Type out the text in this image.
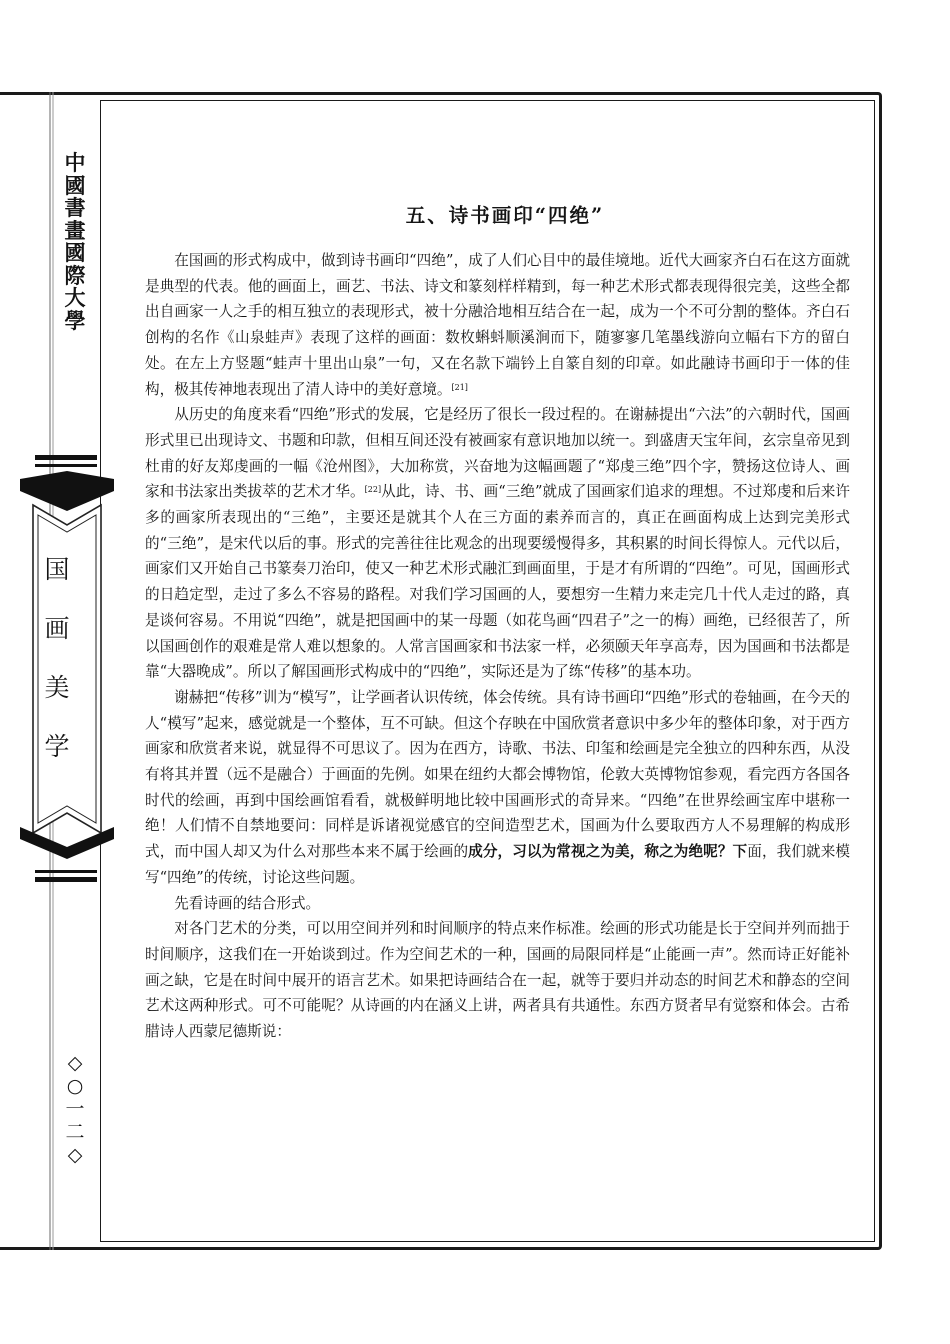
中
國
書
畫
國
際
大
學
国
画
美
学
◇
○
一
二
◇
五、诗书画印“四绝”

在国画的形式构成中，做到诗书画印“四绝”，成了人们心目中的最佳境地。近代大画家齐白石在这方面就是典型的代表。他的画面上，画艺、书法、诗文和篆刻样样精到，每一种艺术形式都表现得很完美，这些全都出自画家一人之手的相互独立的表现形式，被十分融洽地相互结合在一起，成为一个不可分割的整体。齐白石创构的名作《山泉蛙声》表现了这样的画面：数枚蝌蚪顺溪涧而下，随寥寥几笔墨线游向立幅右下方的留白处。在左上方竖题“蛙声十里出山泉”一句，又在名款下端钤上自篆自刻的印章。如此融诗书画印于一体的佳构，极其传神地表现出了清人诗中的美好意境。[21]

从历史的角度来看“四绝”形式的发展，它是经历了很长一段过程的。在谢赫提出“六法”的六朝时代，国画形式里已出现诗文、书题和印款，但相互间还没有被画家有意识地加以统一。到盛唐天宝年间，玄宗皇帝见到杜甫的好友郑虔画的一幅《沧州图》，大加称赏，兴奋地为这幅画题了“郑虔三绝”四个字，赞扬这位诗人、画家和书法家出类拔萃的艺术才华。[22]从此，诗、书、画“三绝”就成了国画家们追求的理想。不过郑虔和后来许多的画家所表现出的“三绝”，主要还是就其个人在三方面的素养而言的，真正在画面构成上达到完美形式的“三绝”，是宋代以后的事。形式的完善往往比观念的出现要缓慢得多，其积累的时间长得惊人。元代以后，画家们又开始自己书篆奏刀治印，使又一种艺术形式融汇到画面里，于是才有所谓的“四绝”。可见，国画形式的日趋定型，走过了多么不容易的路程。对我们学习国画的人，要想穷一生精力来走完几十代人走过的路，真是谈何容易。不用说“四绝”，就是把国画中的某一母题（如花鸟画“四君子”之一的梅）画绝，已经很苦了，所以国画创作的艰难是常人难以想象的。人常言国画家和书法家一样，必须颐天年享高寿，因为国画和书法都是靠“大器晚成”。所以了解国画形式构成中的“四绝”，实际还是为了练“传移”的基本功。

谢赫把“传移”训为“模写”，让学画者认识传统，体会传统。具有诗书画印“四绝”形式的卷轴画，在今天的人“模写”起来，感觉就是一个整体，互不可缺。但这个存映在中国欣赏者意识中多少年的整体印象，对于西方画家和欣赏者来说，就显得不可思议了。因为在西方，诗歌、书法、印玺和绘画是完全独立的四种东西，从没有将其并置（远不是融合）于画面的先例。如果在纽约大都会博物馆，伦敦大英博物馆参观，看完西方各国各时代的绘画，再到中国绘画馆看看，就极鲜明地比较中国画形式的奇异来。“四绝”在世界绘画宝库中堪称一绝！人们情不自禁地要问：同样是诉诸视觉感官的空间造型艺术，国画为什么要取西方人不易理解的构成形式，而中国人却又为什么对那些本来不属于绘画的成分，习以为常视之为美，称之为绝呢？下面，我们就来模写“四绝”的传统，讨论这些问题。

先看诗画的结合形式。

对各门艺术的分类，可以用空间并列和时间顺序的特点来作标准。绘画的形式功能是长于空间并列而拙于时间顺序，这我们在一开始谈到过。作为空间艺术的一种，国画的局限同样是“止能画一声”。然而诗正好能补画之缺，它是在时间中展开的语言艺术。如果把诗画结合在一起，就等于要归并动态的时间艺术和静态的空间艺术这两种形式。可不可能呢？从诗画的内在涵义上讲，两者具有共通性。东西方贤者早有觉察和体会。古希腊诗人西蒙尼德斯说：
